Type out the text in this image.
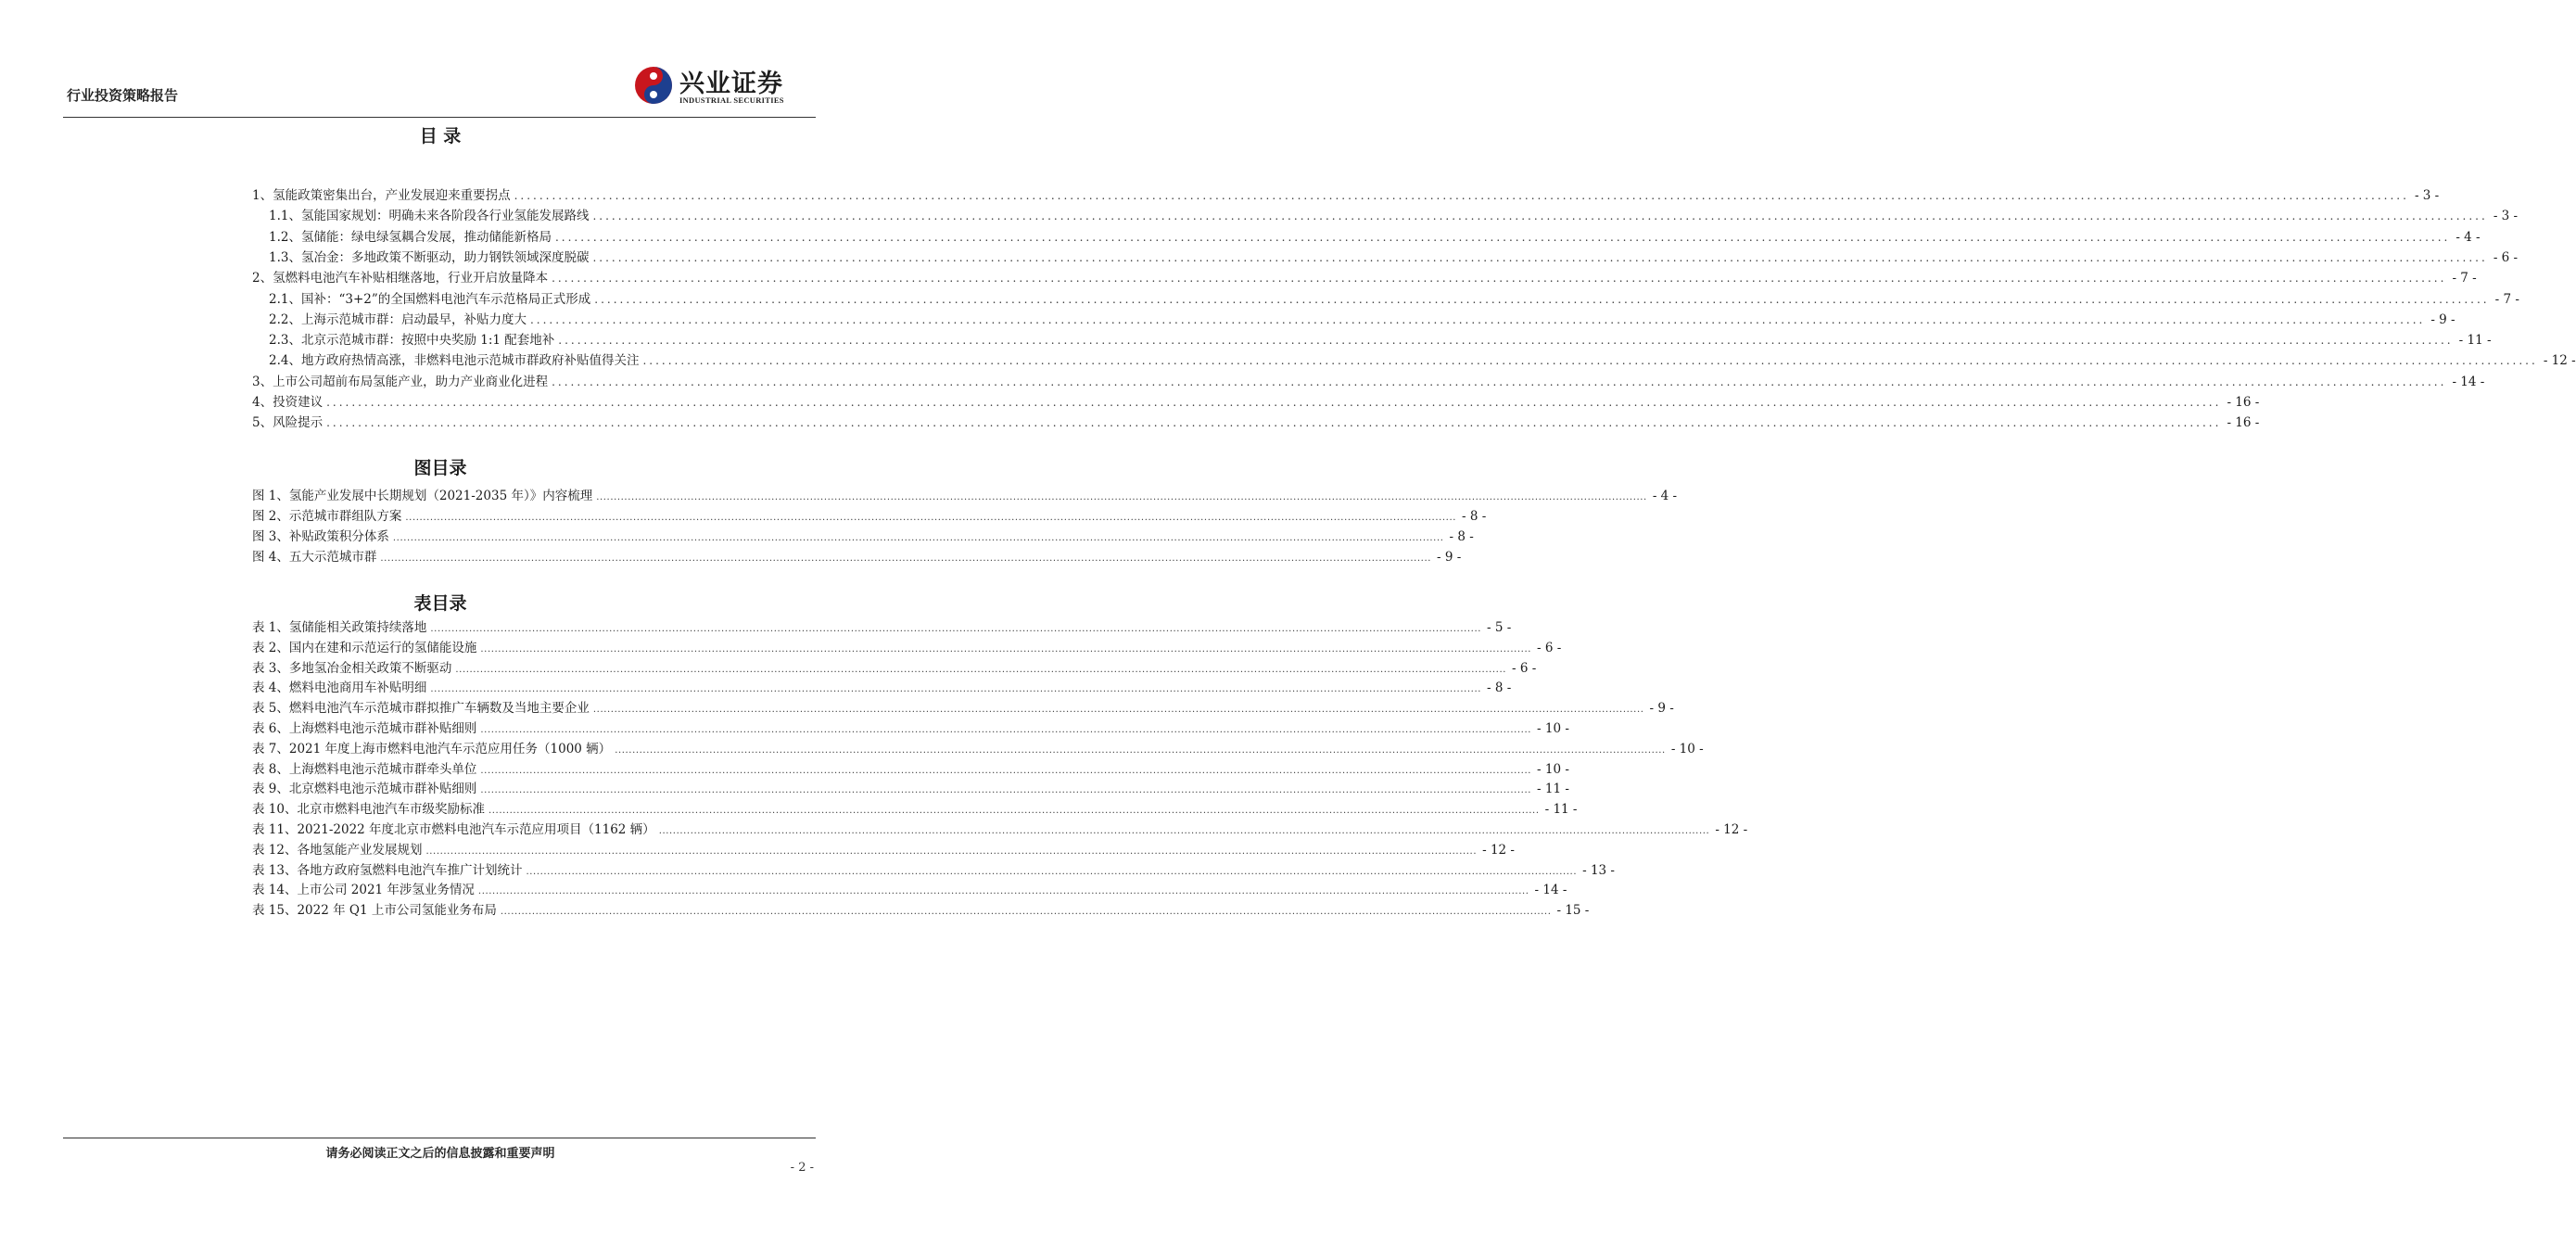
行业投资策略报告	兴业证券
INDUSTRIAL SECURITIES
目 录
1、氢能政策密集出台，产业发展迎来重要拐点 ............................................................................................................................................................................................................................................................................................................ - 3 -
1.1、氢能国家规划：明确未来各阶段各行业氢能发展路线 ............................................................................................................................................................................................................................................................................................................ - 3 -
1.2、氢储能：绿电绿氢耦合发展，推动储能新格局 ............................................................................................................................................................................................................................................................................................................ - 4 -
1.3、氢冶金：多地政策不断驱动，助力钢铁领域深度脱碳 ............................................................................................................................................................................................................................................................................................................ - 6 -
2、氢燃料电池汽车补贴相继落地，行业开启放量降本 ............................................................................................................................................................................................................................................................................................................ - 7 -
2.1、国补：“3+2”的全国燃料电池汽车示范格局正式形成 ............................................................................................................................................................................................................................................................................................................ - 7 -
2.2、上海示范城市群：启动最早，补贴力度大 ............................................................................................................................................................................................................................................................................................................ - 9 -
2.3、北京示范城市群：按照中央奖励 1:1 配套地补 ............................................................................................................................................................................................................................................................................................................ - 11 -
2.4、地方政府热情高涨，非燃料电池示范城市群政府补贴值得关注 ............................................................................................................................................................................................................................................................................................................ - 12 -
3、上市公司超前布局氢能产业，助力产业商业化进程 ............................................................................................................................................................................................................................................................................................................ - 14 -
4、投资建议 ............................................................................................................................................................................................................................................................................................................ - 16 -
5、风险提示 ............................................................................................................................................................................................................................................................................................................ - 16 -
图目录
图 1、氢能产业发展中长期规划（2021-2035 年）》内容梳理 ............................................................................................................................................................................................................................................................................................................ - 4 -
图 2、示范城市群组队方案 ............................................................................................................................................................................................................................................................................................................ - 8 -
图 3、补贴政策积分体系 ............................................................................................................................................................................................................................................................................................................ - 8 -
图 4、五大示范城市群 ............................................................................................................................................................................................................................................................................................................ - 9 -
表目录
表 1、氢储能相关政策持续落地 ............................................................................................................................................................................................................................................................................................................ - 5 -
表 2、国内在建和示范运行的氢储能设施 ............................................................................................................................................................................................................................................................................................................ - 6 -
表 3、多地氢冶金相关政策不断驱动 ............................................................................................................................................................................................................................................................................................................ - 6 -
表 4、燃料电池商用车补贴明细 ............................................................................................................................................................................................................................................................................................................ - 8 -
表 5、燃料电池汽车示范城市群拟推广车辆数及当地主要企业 ............................................................................................................................................................................................................................................................................................................ - 9 -
表 6、上海燃料电池示范城市群补贴细则 ............................................................................................................................................................................................................................................................................................................ - 10 -
表 7、2021 年度上海市燃料电池汽车示范应用任务（1000 辆） ............................................................................................................................................................................................................................................................................................................ - 10 -
表 8、上海燃料电池示范城市群牵头单位 ............................................................................................................................................................................................................................................................................................................ - 10 -
表 9、北京燃料电池示范城市群补贴细则 ............................................................................................................................................................................................................................................................................................................ - 11 -
表 10、北京市燃料电池汽车市级奖励标准 ............................................................................................................................................................................................................................................................................................................ - 11 -
表 11、2021-2022 年度北京市燃料电池汽车示范应用项目（1162 辆） ............................................................................................................................................................................................................................................................................................................ - 12 -
表 12、各地氢能产业发展规划 ............................................................................................................................................................................................................................................................................................................ - 12 -
表 13、各地方政府氢燃料电池汽车推广计划统计 ............................................................................................................................................................................................................................................................................................................ - 13 -
表 14、上市公司 2021 年涉氢业务情况 ............................................................................................................................................................................................................................................................................................................ - 14 -
表 15、2022 年 Q1 上市公司氢能业务布局 ............................................................................................................................................................................................................................................................................................................ - 15 -
请务必阅读正文之后的信息披露和重要声明
- 2 -
